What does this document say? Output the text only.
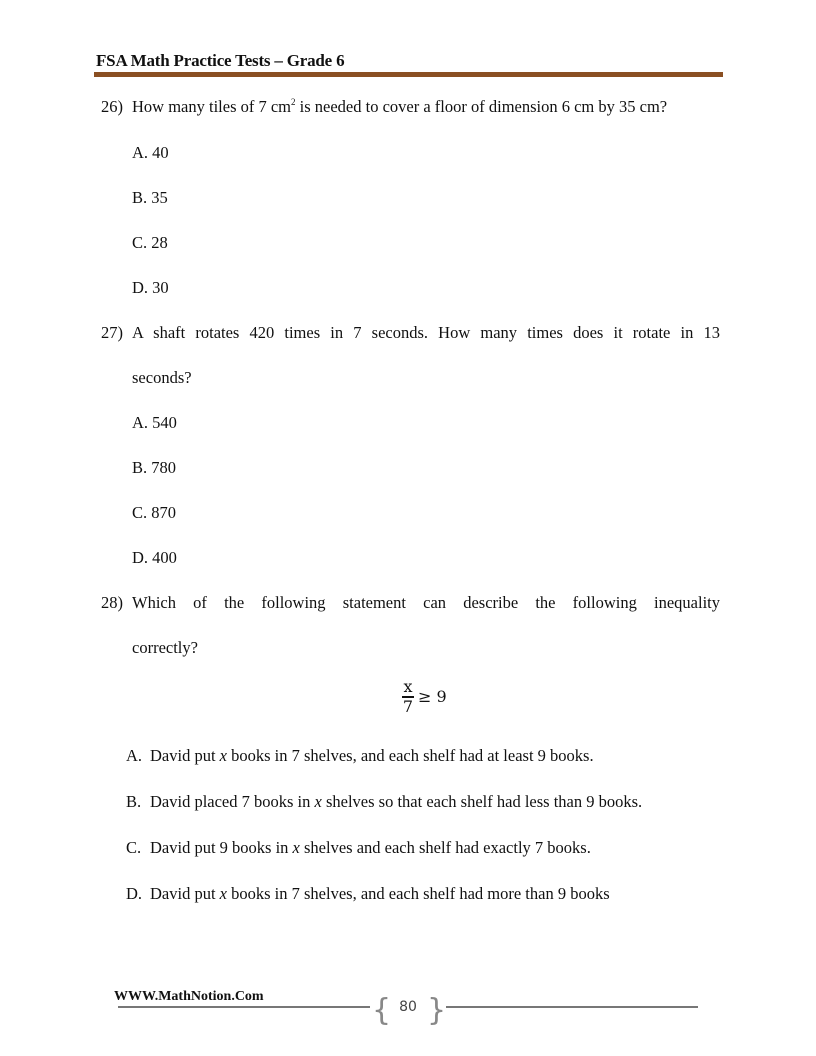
FSA Math Practice Tests – Grade 6
26) How many tiles of 7 $cm^2$ is needed to cover a floor of dimension 6 cm by 35 cm?
A. 40
B. 35
C. 28
D. 30
27) A shaft rotates 420 times in 7 seconds. How many times does it rotate in 13
seconds?
A. 540
B. 780
C. 870
D. 400
28) Which of the following statement can describe the following inequality
correctly?
$\frac{x}{7} \ge 9$
A. David put x books in 7 shelves, and each shelf had at least 9 books.
B. David placed 7 books in x shelves so that each shelf had less than 9 books.
C. David put 9 books in x shelves and each shelf had exactly 7 books.
D. David put x books in 7 shelves, and each shelf had more than 9 books
WWW.MathNotion.Com	{ 80 }
